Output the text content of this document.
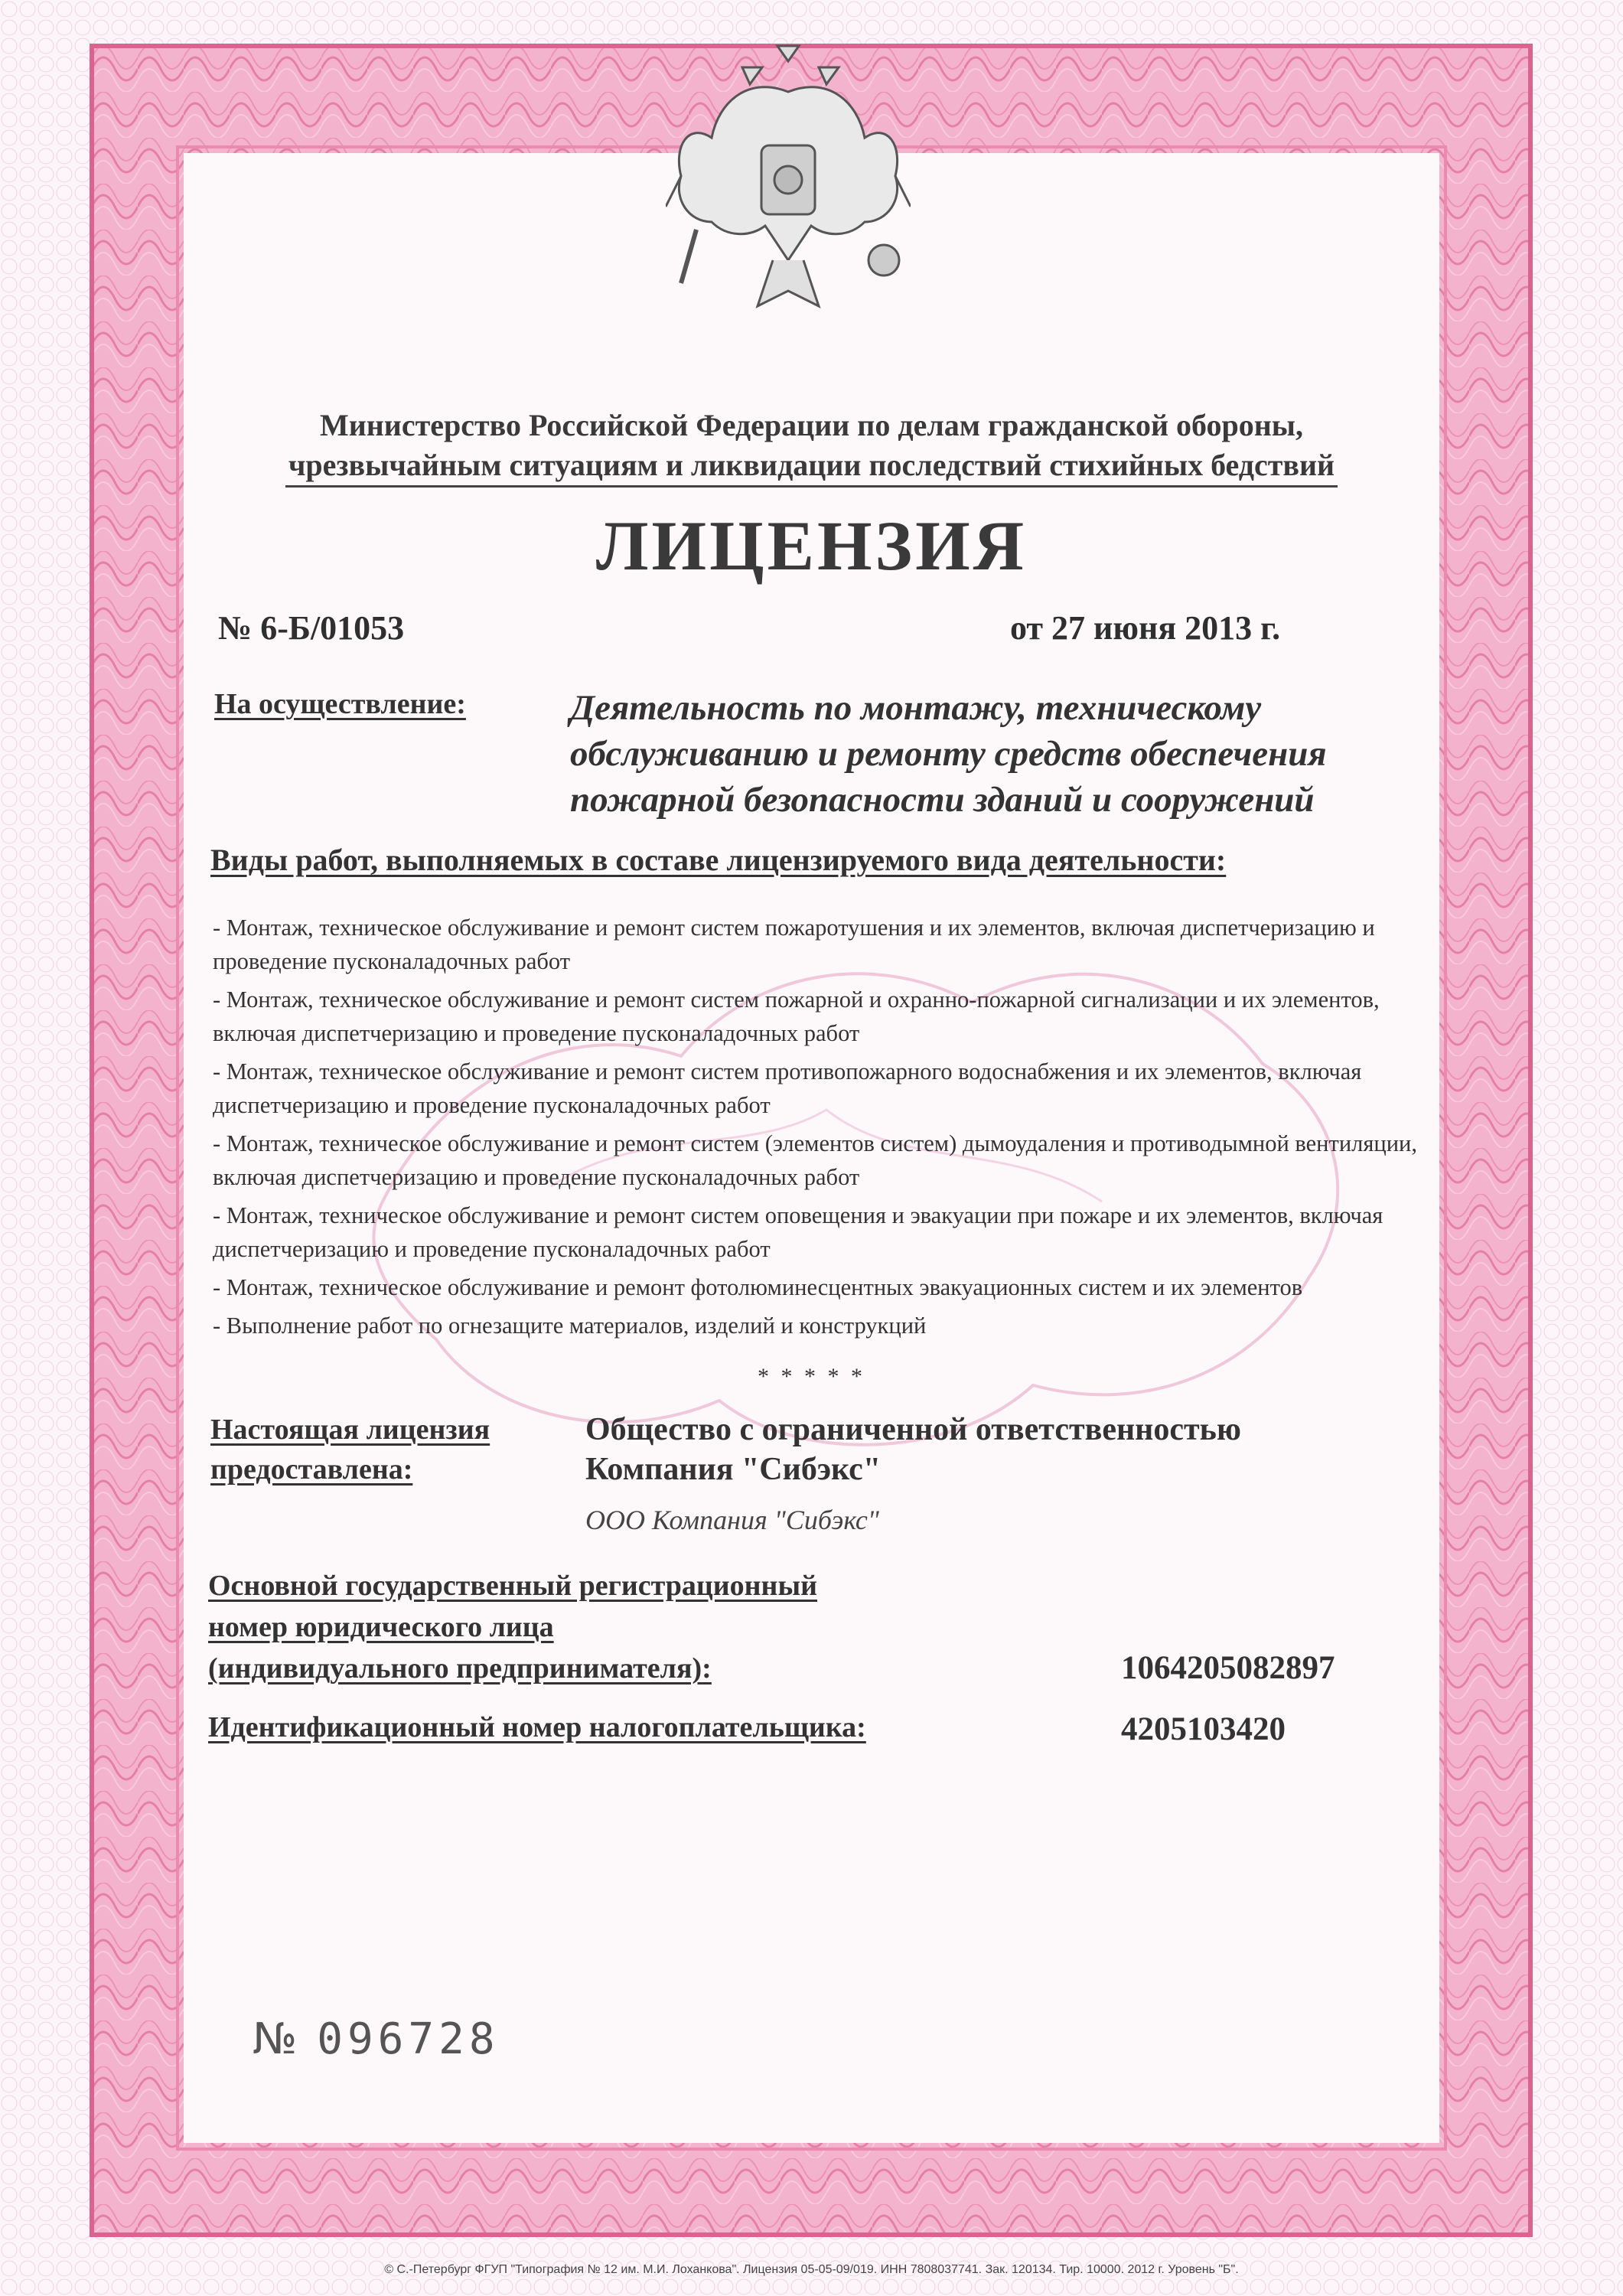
Министерство Российской Федерации по делам гражданской обороны,
чрезвычайным ситуациям и ликвидации последствий стихийных бедствий
ЛИЦЕНЗИЯ
№ 6-Б/01053	от 27 июня 2013 г.
На осуществление:	Деятельность по монтажу, техническому обслуживанию и ремонту средств обеспечения пожарной безопасности зданий и сооружений
Виды работ, выполняемых в составе лицензируемого вида деятельности:
- Монтаж, техническое обслуживание и ремонт систем пожаротушения и их элементов, включая диспетчеризацию и проведение пусконаладочных работ
- Монтаж, техническое обслуживание и ремонт систем пожарной и охранно-пожарной сигнализации и их элементов, включая диспетчеризацию и проведение пусконаладочных работ
- Монтаж, техническое обслуживание и ремонт систем противопожарного водоснабжения и их элементов, включая диспетчеризацию и проведение пусконаладочных работ
- Монтаж, техническое обслуживание и ремонт систем (элементов систем) дымоудаления и противодымной вентиляции, включая диспетчеризацию и проведение пусконаладочных работ
- Монтаж, техническое обслуживание и ремонт систем оповещения и эвакуации при пожаре и их элементов, включая диспетчеризацию и проведение пусконаладочных работ
- Монтаж, техническое обслуживание и ремонт фотолюминесцентных эвакуационных систем и их элементов
- Выполнение работ по огнезащите материалов, изделий и конструкций
* * * * *
Настоящая лицензия
предоставлена:
Общество с ограниченной ответственностью
Компания "Сибэкс"
ООО Компания "Сибэкс"
Основной государственный регистрационный
номер юридического лица
(индивидуального предпринимателя):	1064205082897
Идентификационный номер налогоплательщика:	4205103420
№ 096728
© С.-Петербург ФГУП "Типография № 12 им. М.И. Лоханкова". Лицензия 05-05-09/019. ИНН 7808037741. Зак. 120134. Тир. 10000. 2012 г. Уровень "Б".
